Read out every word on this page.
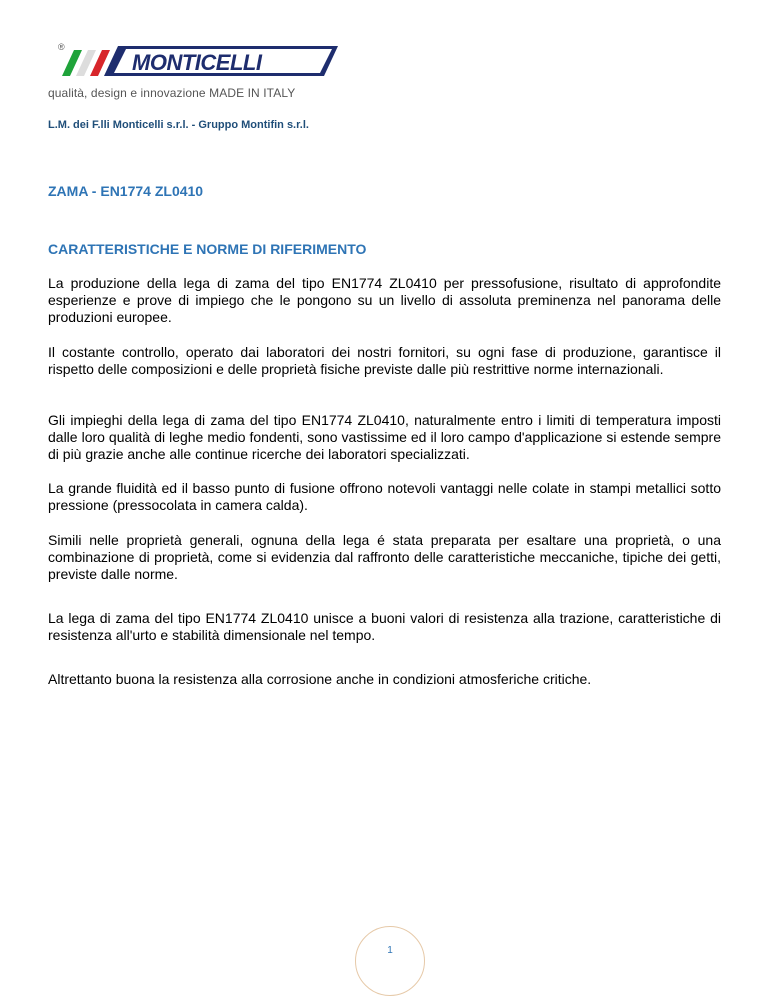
®
MONTICELLI
qualità, design e innovazione MADE IN ITALY
L.M. dei F.lli Monticelli s.r.l. - Gruppo Montifin s.r.l.
ZAMA - EN1774 ZL0410
CARATTERISTICHE E NORME DI RIFERIMENTO

La produzione della lega di zama del tipo EN1774 ZL0410 per pressofusione, risultato di approfondite esperienze e prove di impiego che le pongono su un livello di assoluta preminenza nel panorama delle produzioni europee.

Il costante controllo, operato dai laboratori dei nostri fornitori, su ogni fase di produzione, garantisce il rispetto delle composizioni e delle proprietà fisiche previste dalle più restrittive norme internazionali.

Gli impieghi della lega di zama del tipo EN1774 ZL0410, naturalmente entro i limiti di temperatura imposti dalle loro qualità di leghe medio fondenti, sono vastissime ed il loro campo d'applicazione si estende sempre di più grazie anche alle continue ricerche dei laboratori specializzati.

La grande fluidità ed il basso punto di fusione offrono notevoli vantaggi nelle colate in stampi metallici sotto pressione (pressocolata in camera calda).

Simili nelle proprietà generali, ognuna della lega é stata preparata per esaltare una proprietà, o una combinazione di proprietà, come si evidenzia dal raffronto delle caratteristiche meccaniche, tipiche dei getti, previste dalle norme.

La lega di zama del tipo EN1774 ZL0410 unisce a buoni valori di resistenza alla trazione, caratteristiche di resistenza all'urto e stabilità dimensionale nel tempo.

Altrettanto buona la resistenza alla corrosione anche in condizioni atmosferiche critiche.

1
